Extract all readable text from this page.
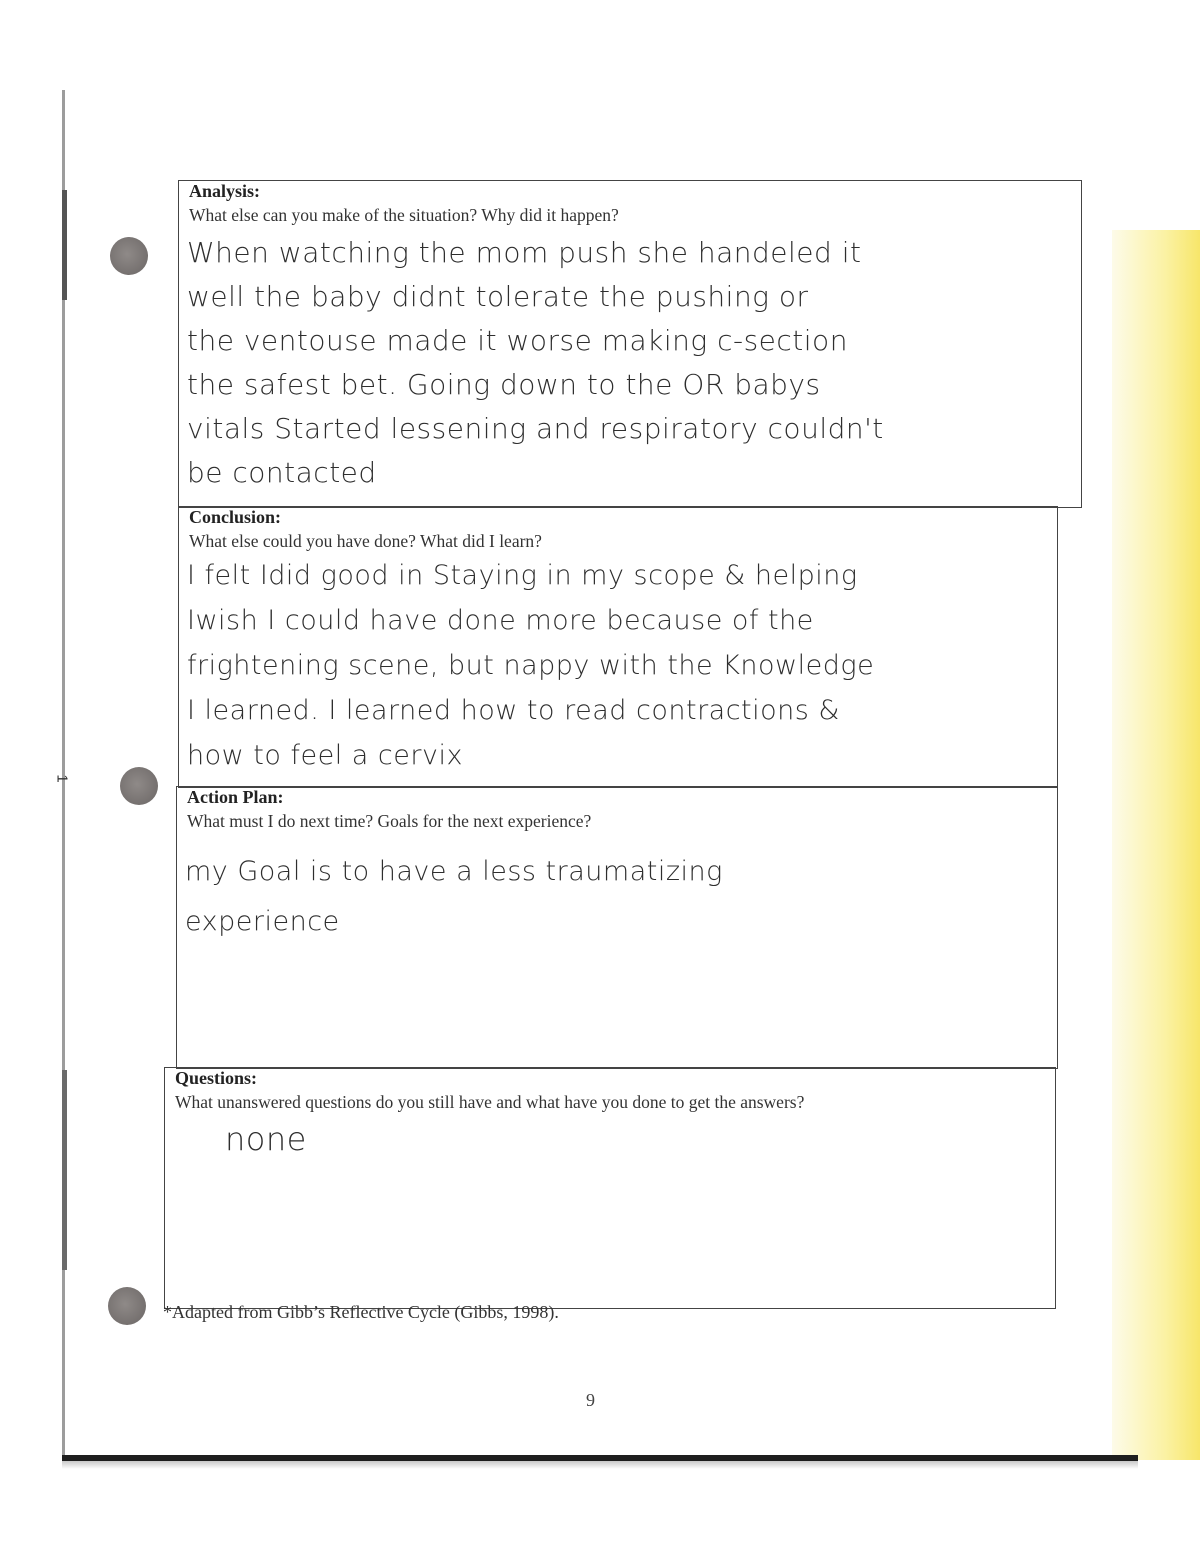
1
Analysis:
What else can you make of the situation? Why did it happen?
When watching the mom push she handeled it
well the baby didnt tolerate the pushing or
the ventouse made it worse making c-section
the safest bet. Going down to the OR babys
vitals Started lessening and respiratory couldn't
be contacted
Conclusion:
What else could you have done? What did I learn?
I felt Idid good in Staying in my scope & helping
Iwish I could have done more because of the
frightening scene, but nappy with the Knowledge
I learned. I learned how to read contractions &
how to feel a cervix
Action Plan:
What must I do next time? Goals for the next experience?
my Goal is to have a less traumatizing
experience
Questions:
What unanswered questions do you still have and what have you done to get the answers?
none
*Adapted from Gibb’s Reflective Cycle (Gibbs, 1998).
9
